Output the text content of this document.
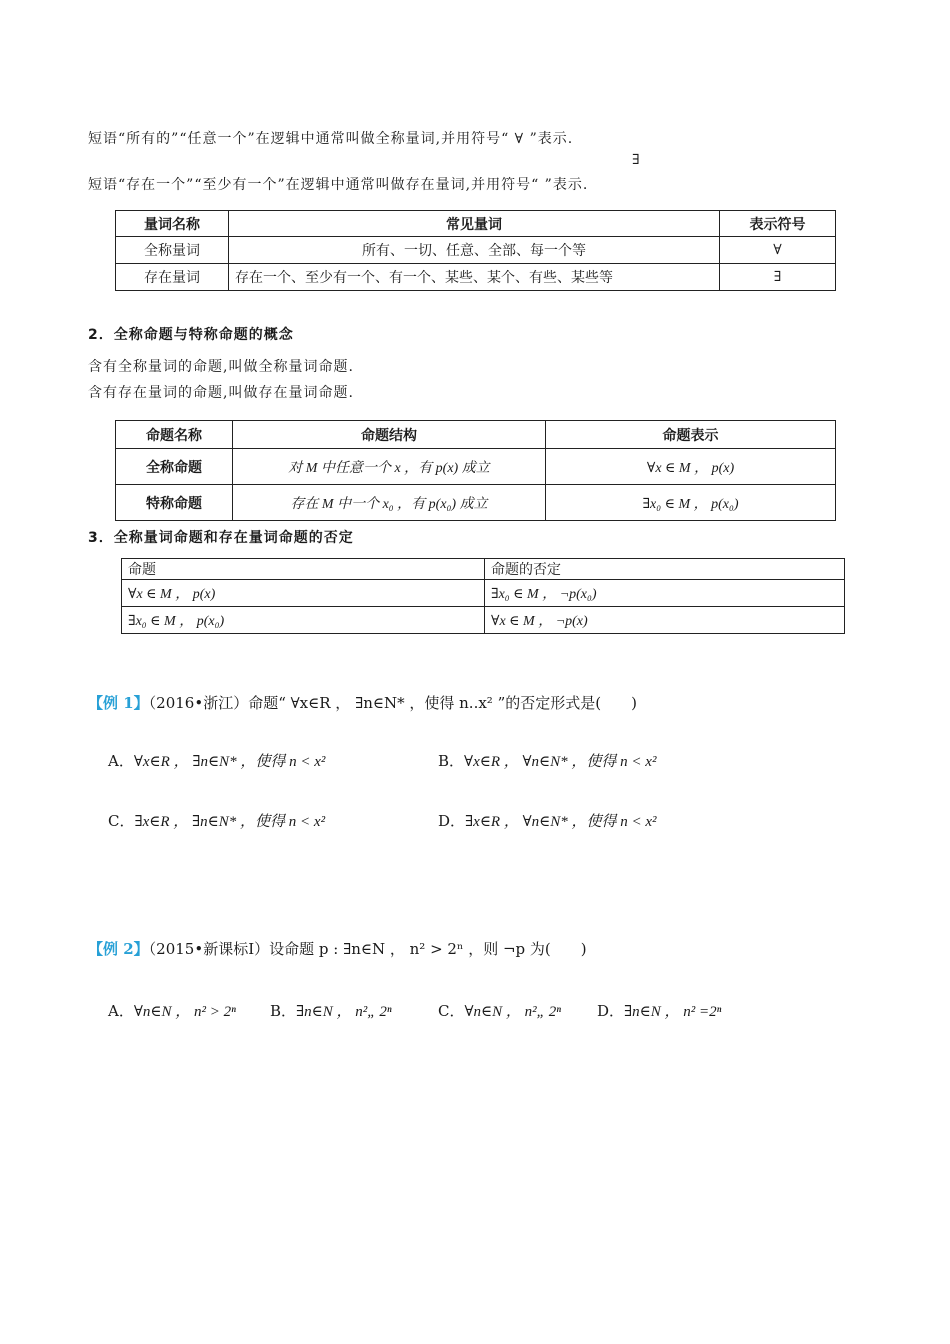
短语“所有的”“任意一个”在逻辑中通常叫做全称量词,并用符号“ ∀ ”表示.
∃
短语“存在一个”“至少有一个”在逻辑中通常叫做存在量词,并用符号“ ”表示.
量词名称	常见量词	表示符号
全称量词	所有、一切、任意、全部、每一个等	∀
存在量词	存在一个、至少有一个、有一个、某些、某个、有些、某些等	∃
2．全称命题与特称命题的概念
含有全称量词的命题,叫做全称量词命题.
含有存在量词的命题,叫做存在量词命题.
命题名称	命题结构	命题表示
全称命题	对 M 中任意一个 x ，有 p(x) 成立	∀x ∈ M ， p(x)
特称命题	存在 M 中一个 x₀ ，有 p(x₀) 成立	∃x₀ ∈ M ， p(x₀)
3．全称量词命题和存在量词命题的否定
命题	命题的否定
∀x ∈ M ， p(x)	∃x₀ ∈ M ， ¬p(x₀)
∃x₀ ∈ M ， p(x₀)	∀x ∈ M ， ¬p(x)
【例 1】（2016•浙江）命题“ ∀x∈R ， ∃n∈N* ，使得 n..x² ”的否定形式是(　　)
A．∀x∈R ， ∃n∈N* ，使得 n < x²	B．∀x∈R ， ∀n∈N* ，使得 n < x²
C．∃x∈R ， ∃n∈N* ，使得 n < x²	D．∃x∈R ， ∀n∈N* ，使得 n < x²
【例 2】（2015•新课标Ⅰ）设命题 p : ∃n∈N ， n² > 2ⁿ ，则 ¬p 为(　　)
A．∀n∈N ， n² > 2ⁿ B．∃n∈N ， n²„ 2ⁿ	C．∀n∈N ， n²„ 2ⁿ D．∃n∈N ， n² =2ⁿ
